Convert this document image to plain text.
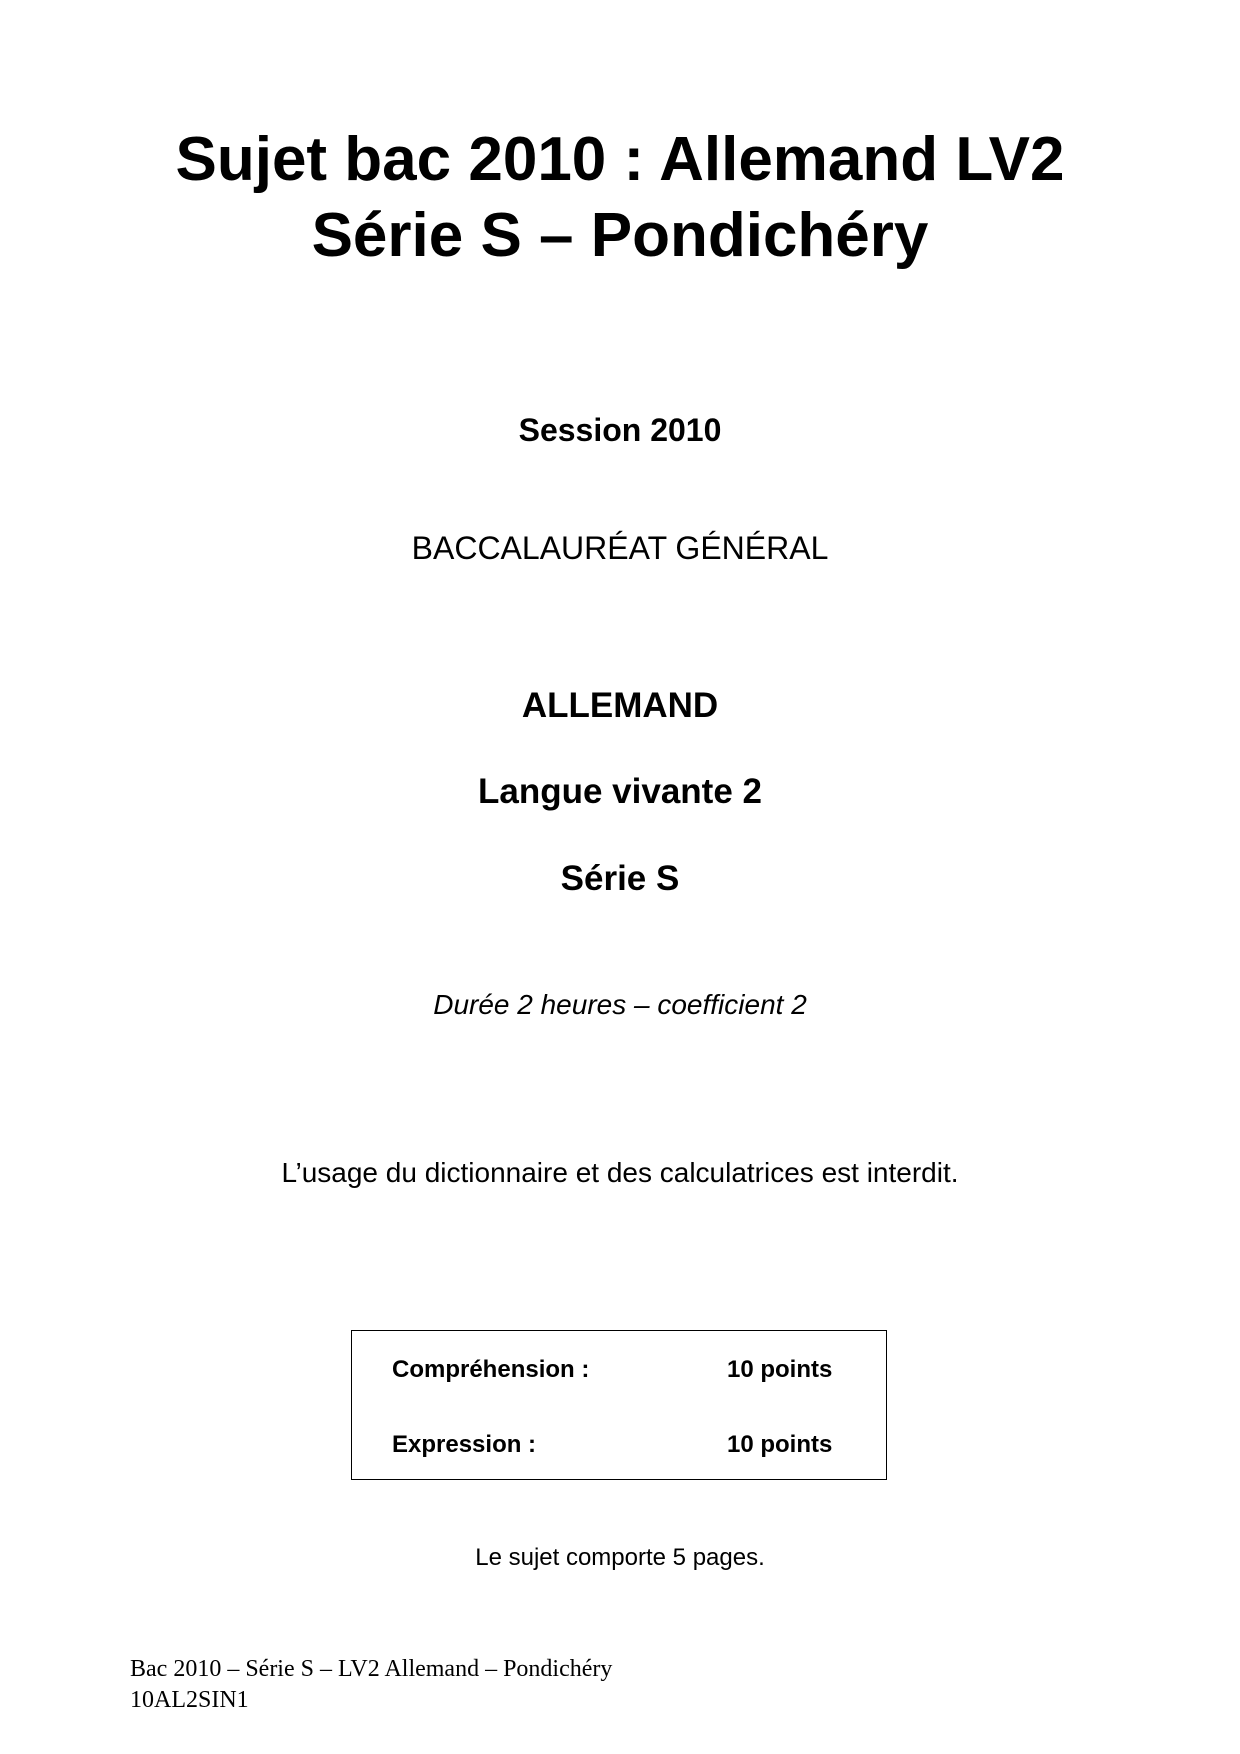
Sujet bac 2010 : Allemand LV2
Série S – Pondichéry

Session 2010

BACCALAURÉAT GÉNÉRAL

ALLEMAND

Langue vivante 2

Série S

Durée 2 heures – coefficient 2

L’usage du dictionnaire et des calculatrices est interdit.

Compréhension :	10 points
Expression :	10 points

Le sujet comporte 5 pages.

Bac 2010 – Série S – LV2 Allemand – Pondichéry
10AL2SIN1
